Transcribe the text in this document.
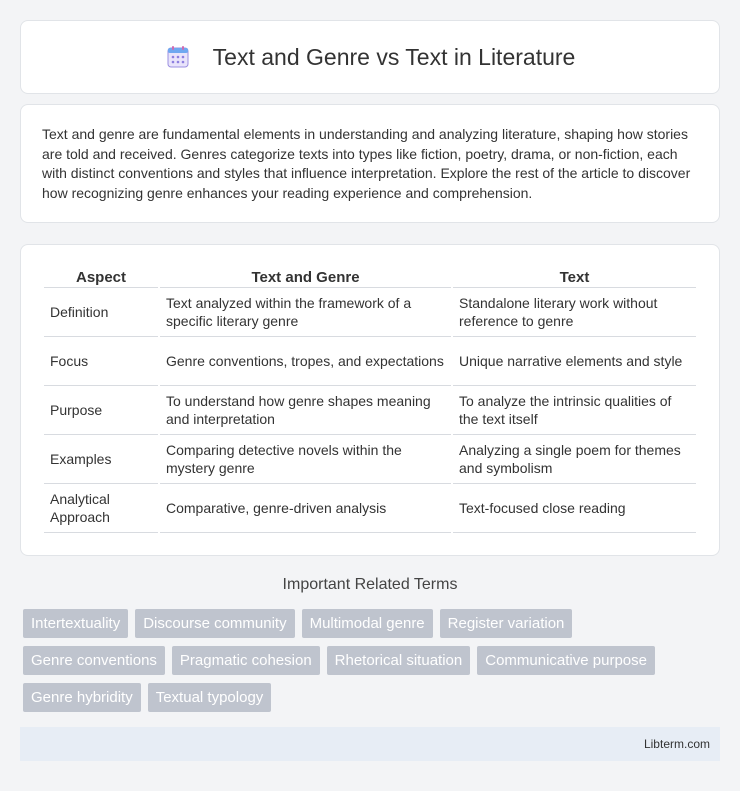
Text and Genre vs Text in Literature

Text and genre are fundamental elements in understanding and analyzing literature, shaping how stories are told and received. Genres categorize texts into types like fiction, poetry, drama, or non-fiction, each with distinct conventions and styles that influence interpretation. Explore the rest of the article to discover how recognizing genre enhances your reading experience and comprehension.

Aspect	Text and Genre	Text
Definition	Text analyzed within the framework of a specific literary genre	Standalone literary work without reference to genre
Focus	Genre conventions, tropes, and expectations	Unique narrative elements and style
Purpose	To understand how genre shapes meaning and interpretation	To analyze the intrinsic qualities of the text itself
Examples	Comparing detective novels within the mystery genre	Analyzing a single poem for themes and symbolism
Analytical Approach	Comparative, genre-driven analysis	Text-focused close reading
Important Related Terms
Intertextuality	Discourse community	Multimodal genre	Register variation
Genre conventions	Pragmatic cohesion	Rhetorical situation	Communicative purpose
Genre hybridity	Textual typology
Libterm.com
